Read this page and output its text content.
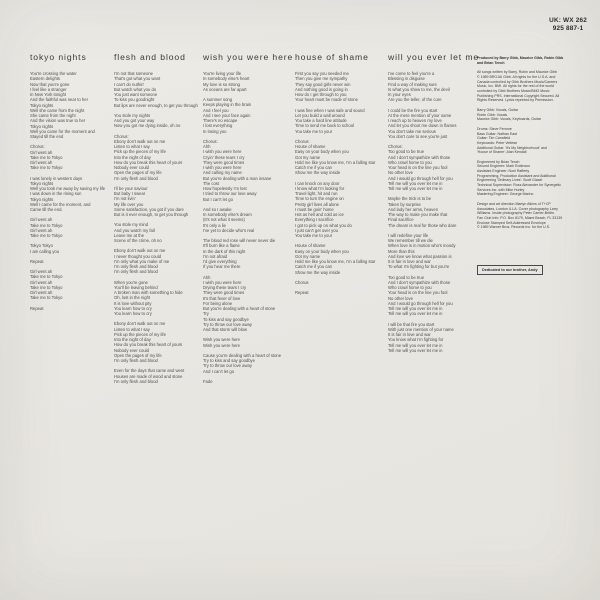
UK: WX 262
925 887-1
tokyo nights
You're crossing the water
Eastern delights
Now that you're gone
I feel like a stranger
In New York tonight
And the faithful was near to her
Tokyo nights
Well she came from the night
She came from the night
And the vision was true to her
Tokyo nights
Well you came for the moment and
Stayed till the end
Chorus:
Girl went ah
Take me to Tokyo
Girl went ah
Take me to Tokyo
I was lonely in western days
Tokyo nights
Well you took me away by saving my life
I was down in the rising sun
Tokyo nights
Well I came for the moment, and
Came till the end.
Girl went ah
Take me to Tokyo
Girl went ah
Take me to Tokyo
Tokyo Tokyo
I am calling you
Repeat
Girl went ah
Take me to Tokyo
Girl went ah
Take me to Tokyo
Girl went ah
Take me to Tokyo
Repeat
flesh and blood
I'm not that someone
That's got what you want
I can't do nuthin'
But watch what you do
You just want someone
To kiss you goodnight
But lips are never enough, to get you through
You stole my nights
And you got your way
Now you got me dying inside, oh no
Chorus:
Ebony don't walk out on me
Listen to what I say
Pick up the pieces of my life
Into the night of day
How do you break this heart of yours
Nobody ever could
Open the pages of my life
I'm only flesh and blood
I'll be your saviour
But baby I swear
I'm not livin'
My life over you
Some satisfaction, you got if you dare
But is it ever enough, to get you through
You stole my mind
And you watch my fall
Leave me at the
Scene of the crime, oh no
Ebony don't walk out on me
I never thought you could
I'm only what you make of me
I'm only flesh and blood
I'm only flesh and blood
When you're gone
You'll be leaving behind
A broken man with something to hide
Oh, lost in the night
It is love without pity
You learn how to cry
You learn how to cry
Ebony don't walk out on me
Listen to what I say
Pick up the pieces of my life
Into the night of day
How do you break this heart of yours
Nobody ever could
Open the pages of my life
I'm only flesh and blood
Even for the days that came and went
Houses are made of wood and stone
I'm only flesh and blood
wish you were here
You're living your life
In somebody else's heart
My love is so strong
As oceans are far apart
A summer song
Keeps playing in the brain
And I feel you
And I see your face again
There's no escape
I lost everything
In losing you
Chorus:
Ahh
I wish you were here
Cryin' these tears I cry
They were good times
I wish you were here
And calling my name
But you're dealing with a man insane
The cost
How hopelessly I'm lost
I tried to throw our love away
But I can't let go
And so I awake
In somebody else's dream
(It's not what it seems)
It's only a lie
I've yet to decide who's real
The blood red rose will never never die
It'll burn like a flame
In the dark of this night
I'm not afraid
I'd give everything
If you hear me there
Ahh
I wish you were here
Drying these tears I cry
They were good times
It's that fever of love
For being alone
But you're dealing with a heart of stone
Try
To kiss and say goodbye
Try to throw our love away
And that storm will blow
Wish you were here
Wish you were here
Cause you're dealing with a heart of stone
Try to kiss and say goodbye
Try to throw our love away
And I can't let go
Fade
house of shame
First you say you needed me
Then you give me sympathy
They say good girls never win
And nothing good is going in
How do I get through to you
Your heart must be made of stone
I was fine when I was safe and sound
Let you build a wall around
You take a hard line attitude
Time to send me back to school
You take me to your
Chorus:
House of shame
Easy on your body when you
Got my name
Hold me like you know me, I'm a falling star
Catch me if you can
Show me the way inside
I can knock on any door
I know what I'm looking for
Travel light, hit and run
Time to turn the engine on
Pretty girl lives all alone
I must be goin' home
Hot as hell and cold as ice
Everything I sacrifice
I got to pick up on what you do
I just can't get over you
You take me to your
House of shame
Easy on your body when you
Got my name
Hold me like you know me, I'm a falling star
Catch me if you can
Show me the way inside
Chorus
Repeat
will you ever let me
I've come to feel you're a
Blessing in disguise
Find a way of making sure
Is what you show to me, the devil
In your eyes
Are you the teller, of the cure
I could be the fire you start
At the mere mention of your name
I reach up to heaven my love
And let you shoot me down in flames
You don't take me serious
You don't care to see you're just
Chorus:
Too good to be true
And I don't sympathize with those
Who crawl home to you
Your head is on the line you fool
No other love
And I would go through hell for you
Tell me will you ever let me in
Tell me will you ever let me in
Maybe the trick is to be
Taken by surprise
And lady her arms, heaven
The way to make you make that
Final sacrifice
The dream is real for those who dare
I will redefine your life
We remember till we die
When love is in motion who's moody
More than this
And love we know what passion is
It is fair in love and war
To what I'm fighting for but you're
Too good to be true
And I don't sympathize with those
Who crawl home to you
Your head is on the line you fool
No other love
And I would go through hell for you
Tell me will you ever let me in
Tell me will you ever let me in
I will be that fire you start
With just one mention of your name
It is fair in love and war
You know what I'm fighting for
Tell me will you ever let me in
Tell me will you ever let me in
Produced by Barry Gibb, Maurice Gibb, Robin Gibb
and Brian Tench
All songs written by Barry, Robin and Maurice Gibb
© 1989 BROJAI Gibb. All rights for the U.S.A. and
Canada controlled by Gibb Brothers Music/Careers
Music, Inc. BMI. All rights for the rest of the world
controlled by Gibb Brothers Music/BMG Music
Publishing PRS. International Copyright Secured. All
Rights Reserved. Lyrics reprinted by Permission.
Barry Gibb: Vocals, Guitar
Robin Gibb: Vocals
Maurice Gibb: Vocals, Keyboards, Guitar
Drums: Steve Ferrone
Bass Guitar: Nathan East
Guitar: Tim Cansfield
Keyboards: Peter Vettese
Additional Guitar: 'It's My Neighborhood' and
'House of Shame': Alan Kendall
Engineered by Brian Tench
Second Engineer: Mark Robinson
Assistant Engineer: Noel Rafferty
Programming, Production Assistant and Additional
Engineering 'Ordinary Lives': Scott Glasel
Technical Supervision: Ross Alexander for Synergetic
Services Inc. with Mike Hurley
Mastering Engineer: George Marino
Design and art direction Martyn Atkins of T+CP
Associates, London & LA. Cover photography Larry
Williams. Inside photography Peter Carrier-Brittin.
Fan Club Info: P.O. Box 8179, Miami Beach, FL 33139
Enclose Stamped Self-Addressed Envelope
© 1989 Warner Bros. Records Inc. for the U.S.
Dedicated to our brother, Andy
